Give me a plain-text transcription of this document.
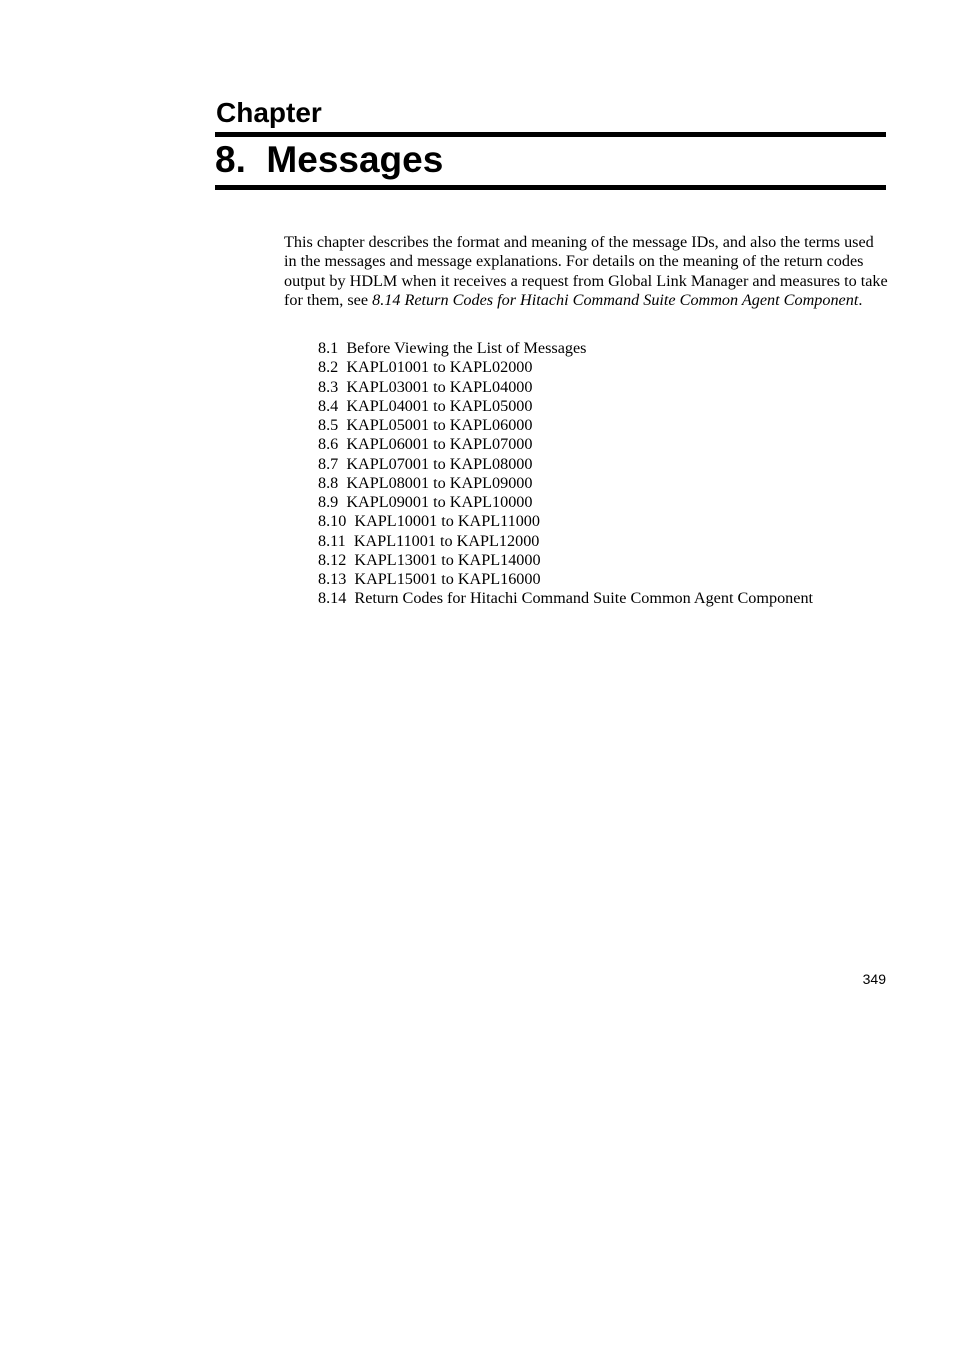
Chapter
8. Messages

This chapter describes the format and meaning of the message IDs, and also the terms used in the messages and message explanations. For details on the meaning of the return codes output by HDLM when it receives a request from Global Link Manager and measures to take for them, see 8.14 Return Codes for Hitachi Command Suite Common Agent Component.

8.1  Before Viewing the List of Messages
8.2  KAPL01001 to KAPL02000
8.3  KAPL03001 to KAPL04000
8.4  KAPL04001 to KAPL05000
8.5  KAPL05001 to KAPL06000
8.6  KAPL06001 to KAPL07000
8.7  KAPL07001 to KAPL08000
8.8  KAPL08001 to KAPL09000
8.9  KAPL09001 to KAPL10000
8.10  KAPL10001 to KAPL11000
8.11  KAPL11001 to KAPL12000
8.12  KAPL13001 to KAPL14000
8.13  KAPL15001 to KAPL16000
8.14  Return Codes for Hitachi Command Suite Common Agent Component
349
